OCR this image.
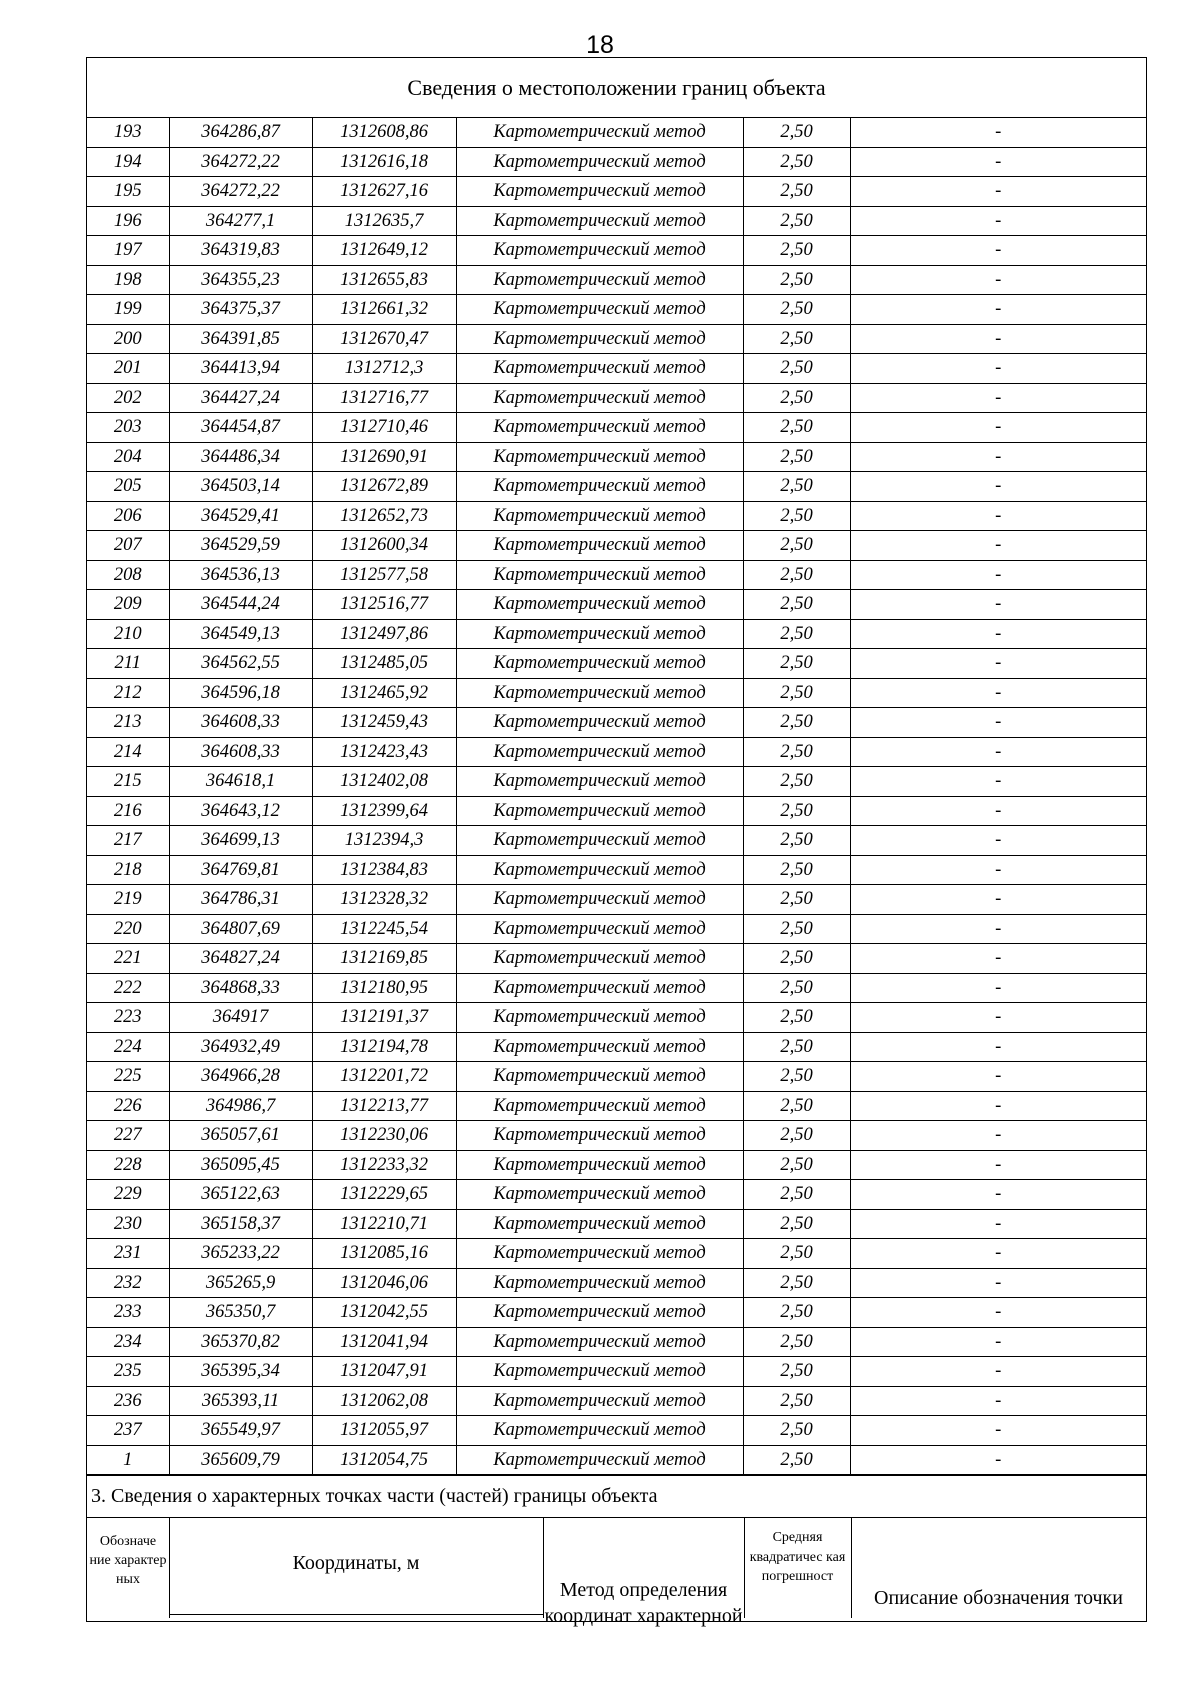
18
Сведения о местоположении границ объекта
193	364286,87	1312608,86	Картометрический метод	2,50	-
194	364272,22	1312616,18	Картометрический метод	2,50	-
195	364272,22	1312627,16	Картометрический метод	2,50	-
196	364277,1	1312635,7	Картометрический метод	2,50	-
197	364319,83	1312649,12	Картометрический метод	2,50	-
198	364355,23	1312655,83	Картометрический метод	2,50	-
199	364375,37	1312661,32	Картометрический метод	2,50	-
200	364391,85	1312670,47	Картометрический метод	2,50	-
201	364413,94	1312712,3	Картометрический метод	2,50	-
202	364427,24	1312716,77	Картометрический метод	2,50	-
203	364454,87	1312710,46	Картометрический метод	2,50	-
204	364486,34	1312690,91	Картометрический метод	2,50	-
205	364503,14	1312672,89	Картометрический метод	2,50	-
206	364529,41	1312652,73	Картометрический метод	2,50	-
207	364529,59	1312600,34	Картометрический метод	2,50	-
208	364536,13	1312577,58	Картометрический метод	2,50	-
209	364544,24	1312516,77	Картометрический метод	2,50	-
210	364549,13	1312497,86	Картометрический метод	2,50	-
211	364562,55	1312485,05	Картометрический метод	2,50	-
212	364596,18	1312465,92	Картометрический метод	2,50	-
213	364608,33	1312459,43	Картометрический метод	2,50	-
214	364608,33	1312423,43	Картометрический метод	2,50	-
215	364618,1	1312402,08	Картометрический метод	2,50	-
216	364643,12	1312399,64	Картометрический метод	2,50	-
217	364699,13	1312394,3	Картометрический метод	2,50	-
218	364769,81	1312384,83	Картометрический метод	2,50	-
219	364786,31	1312328,32	Картометрический метод	2,50	-
220	364807,69	1312245,54	Картометрический метод	2,50	-
221	364827,24	1312169,85	Картометрический метод	2,50	-
222	364868,33	1312180,95	Картометрический метод	2,50	-
223	364917	1312191,37	Картометрический метод	2,50	-
224	364932,49	1312194,78	Картометрический метод	2,50	-
225	364966,28	1312201,72	Картометрический метод	2,50	-
226	364986,7	1312213,77	Картометрический метод	2,50	-
227	365057,61	1312230,06	Картометрический метод	2,50	-
228	365095,45	1312233,32	Картометрический метод	2,50	-
229	365122,63	1312229,65	Картометрический метод	2,50	-
230	365158,37	1312210,71	Картометрический метод	2,50	-
231	365233,22	1312085,16	Картометрический метод	2,50	-
232	365265,9	1312046,06	Картометрический метод	2,50	-
233	365350,7	1312042,55	Картометрический метод	2,50	-
234	365370,82	1312041,94	Картометрический метод	2,50	-
235	365395,34	1312047,91	Картометрический метод	2,50	-
236	365393,11	1312062,08	Картометрический метод	2,50	-
237	365549,97	1312055,97	Картометрический метод	2,50	-
1	365609,79	1312054,75	Картометрический метод	2,50	-
3. Сведения о характерных точках части (частей) границы объекта
Обозначе ние характер ных
Координаты, м
Метод определения координат характерной
Средняя квадратичес кая погрешност
Описание обозначения точки
